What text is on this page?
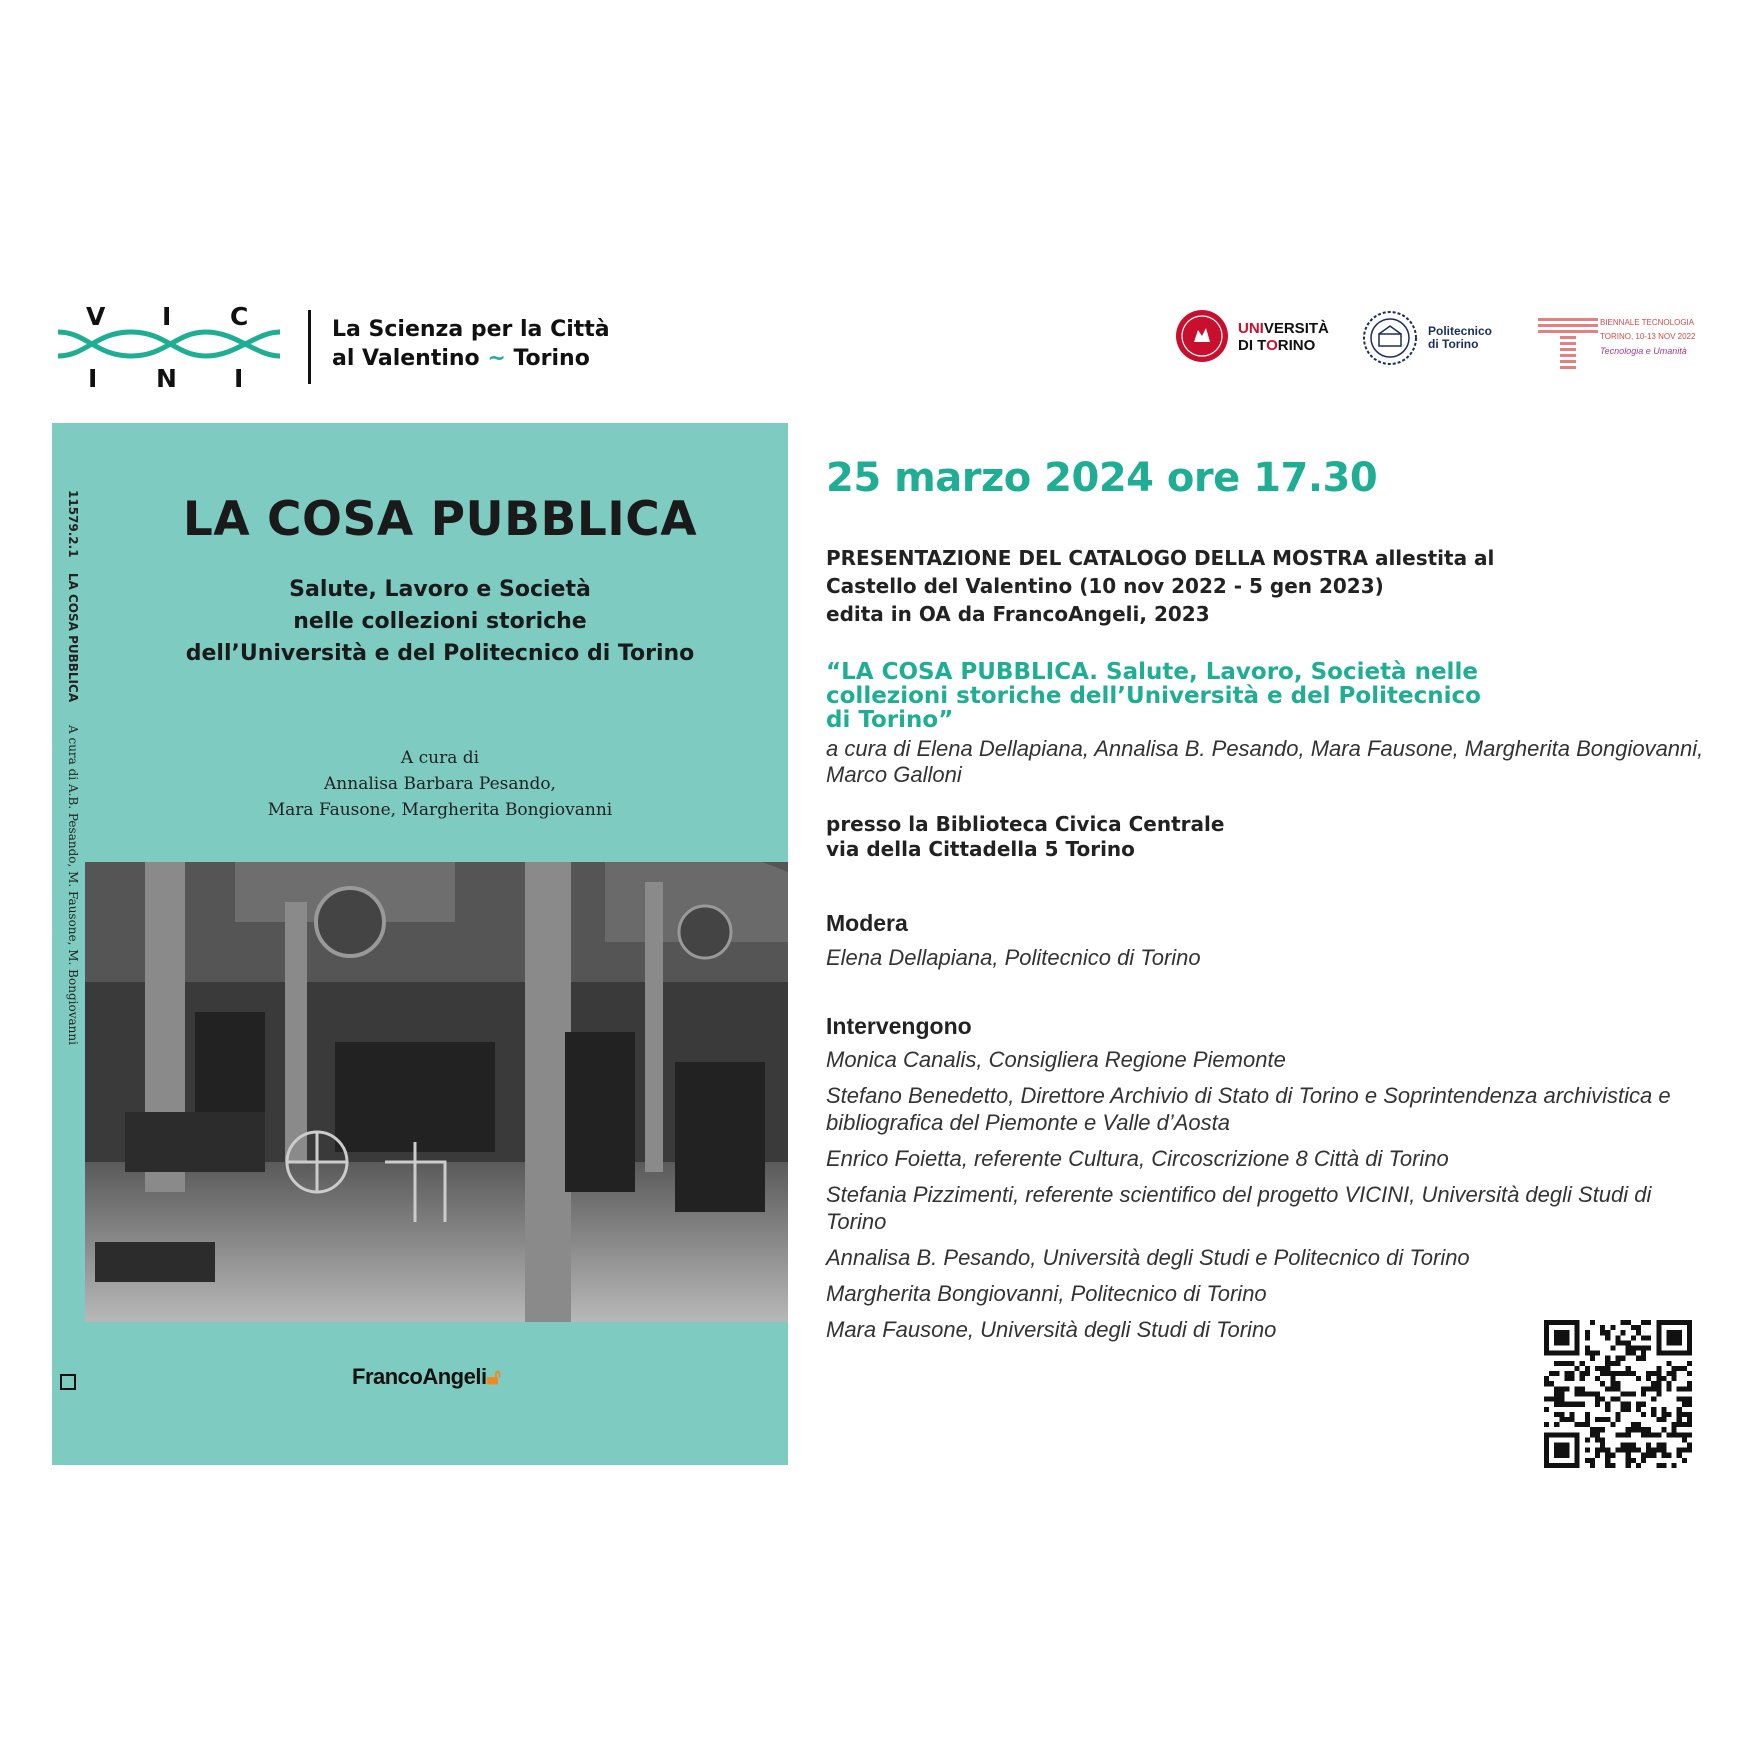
V I C
I N I
La Scienza per la Città
al Valentino ~ Torino
UNIVERSITÀ
DI TORINO
Politecnico
di Torino
BIENNALE TECNOLOGIA
TORINO, 10-13 NOV 2022
Tecnologia e Umanità
11579.2.1    LA COSA PUBBLICA      A cura di A.B. Pesando, M. Fausone, M. Bongiovanni
LA COSA PUBBLICA
Salute, Lavoro e Società
nelle collezioni storiche
dell’Università e del Politecnico di Torino
A cura di
Annalisa Barbara Pesando,
Mara Fausone, Margherita Bongiovanni
FrancoAngeli🔓︎
25 marzo 2024 ore 17.30
PRESENTAZIONE DEL CATALOGO DELLA MOSTRA allestita al
Castello del Valentino (10 nov 2022 - 5 gen 2023)
edita in OA da FrancoAngeli, 2023
“LA COSA PUBBLICA. Salute, Lavoro, Società nelle
collezioni storiche dell’Università e del Politecnico
di Torino”
a cura di Elena Dellapiana, Annalisa B. Pesando, Mara Fausone, Margherita Bongiovanni, Marco Galloni
presso la Biblioteca Civica Centrale
via della Cittadella 5 Torino
Modera
Elena Dellapiana, Politecnico di Torino
Intervengono
Monica Canalis, Consigliera Regione Piemonte
Stefano Benedetto, Direttore Archivio di Stato di Torino e Soprintendenza archivistica e bibliografica del Piemonte e Valle d’Aosta
Enrico Foietta, referente Cultura, Circoscrizione 8 Città di Torino
Stefania Pizzimenti, referente scientifico del progetto VICINI, Università degli Studi di Torino
Annalisa B. Pesando, Università degli Studi e Politecnico di Torino
Margherita Bongiovanni, Politecnico di Torino
Mara Fausone, Università degli Studi di Torino
